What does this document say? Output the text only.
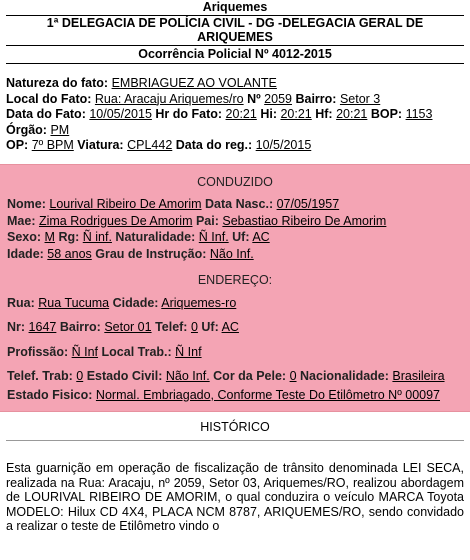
Ariquemes
1ª DELEGACIA DE POLÍCIA CIVIL - DG -DELEGACIA GERAL DE
ARIQUEMES
Ocorrência Policial Nº 4012-2015
Natureza do fato: EMBRIAGUEZ AO VOLANTE
Local do Fato: Rua: Aracaju Ariquemes/ro Nº 2059 Bairro: Setor 3
Data do Fato: 10/05/2015 Hr do Fato: 20:21 Hi: 20:21 Hf: 20:21 BOP: 1153
Órgão: PM
OP: 7º BPM Viatura: CPL442 Data do reg.: 10/5/2015
CONDUZIDO
Nome: Lourival Ribeiro De Amorim Data Nasc.: 07/05/1957
Mae: Zima Rodrigues De Amorim Pai: Sebastiao Ribeiro De Amorim
Sexo: M Rg: Ñ inf. Naturalidade: Ñ Inf. Uf: AC
Idade: 58 anos Grau de Instrução: Não Inf.
ENDEREÇO:
Rua: Rua Tucuma Cidade: Ariquemes-ro
Nr: 1647 Bairro: Setor 01 Telef: 0 Uf: AC
Profissão: Ñ Inf Local Trab.: Ñ Inf
Telef. Trab: 0 Estado Civil: Não Inf. Cor da Pele: 0 Nacionalidade: Brasileira
Estado Fisico: Normal. Embriagado, Conforme Teste Do Etilômetro Nº 00097
HISTÓRICO
Esta guarnição em operação de fiscalização de trânsito denominada LEI SECA, realizada na Rua: Aracaju, nº 2059, Setor 03, Ariquemes/RO, realizou abordagem de LOURIVAL RIBEIRO DE AMORIM, o qual conduzira o veículo MARCA Toyota MODELO: Hilux CD 4X4, PLACA NCM 8787, ARIQUEMES/RO, sendo convidado a realizar o teste de Etilômetro vindo o
